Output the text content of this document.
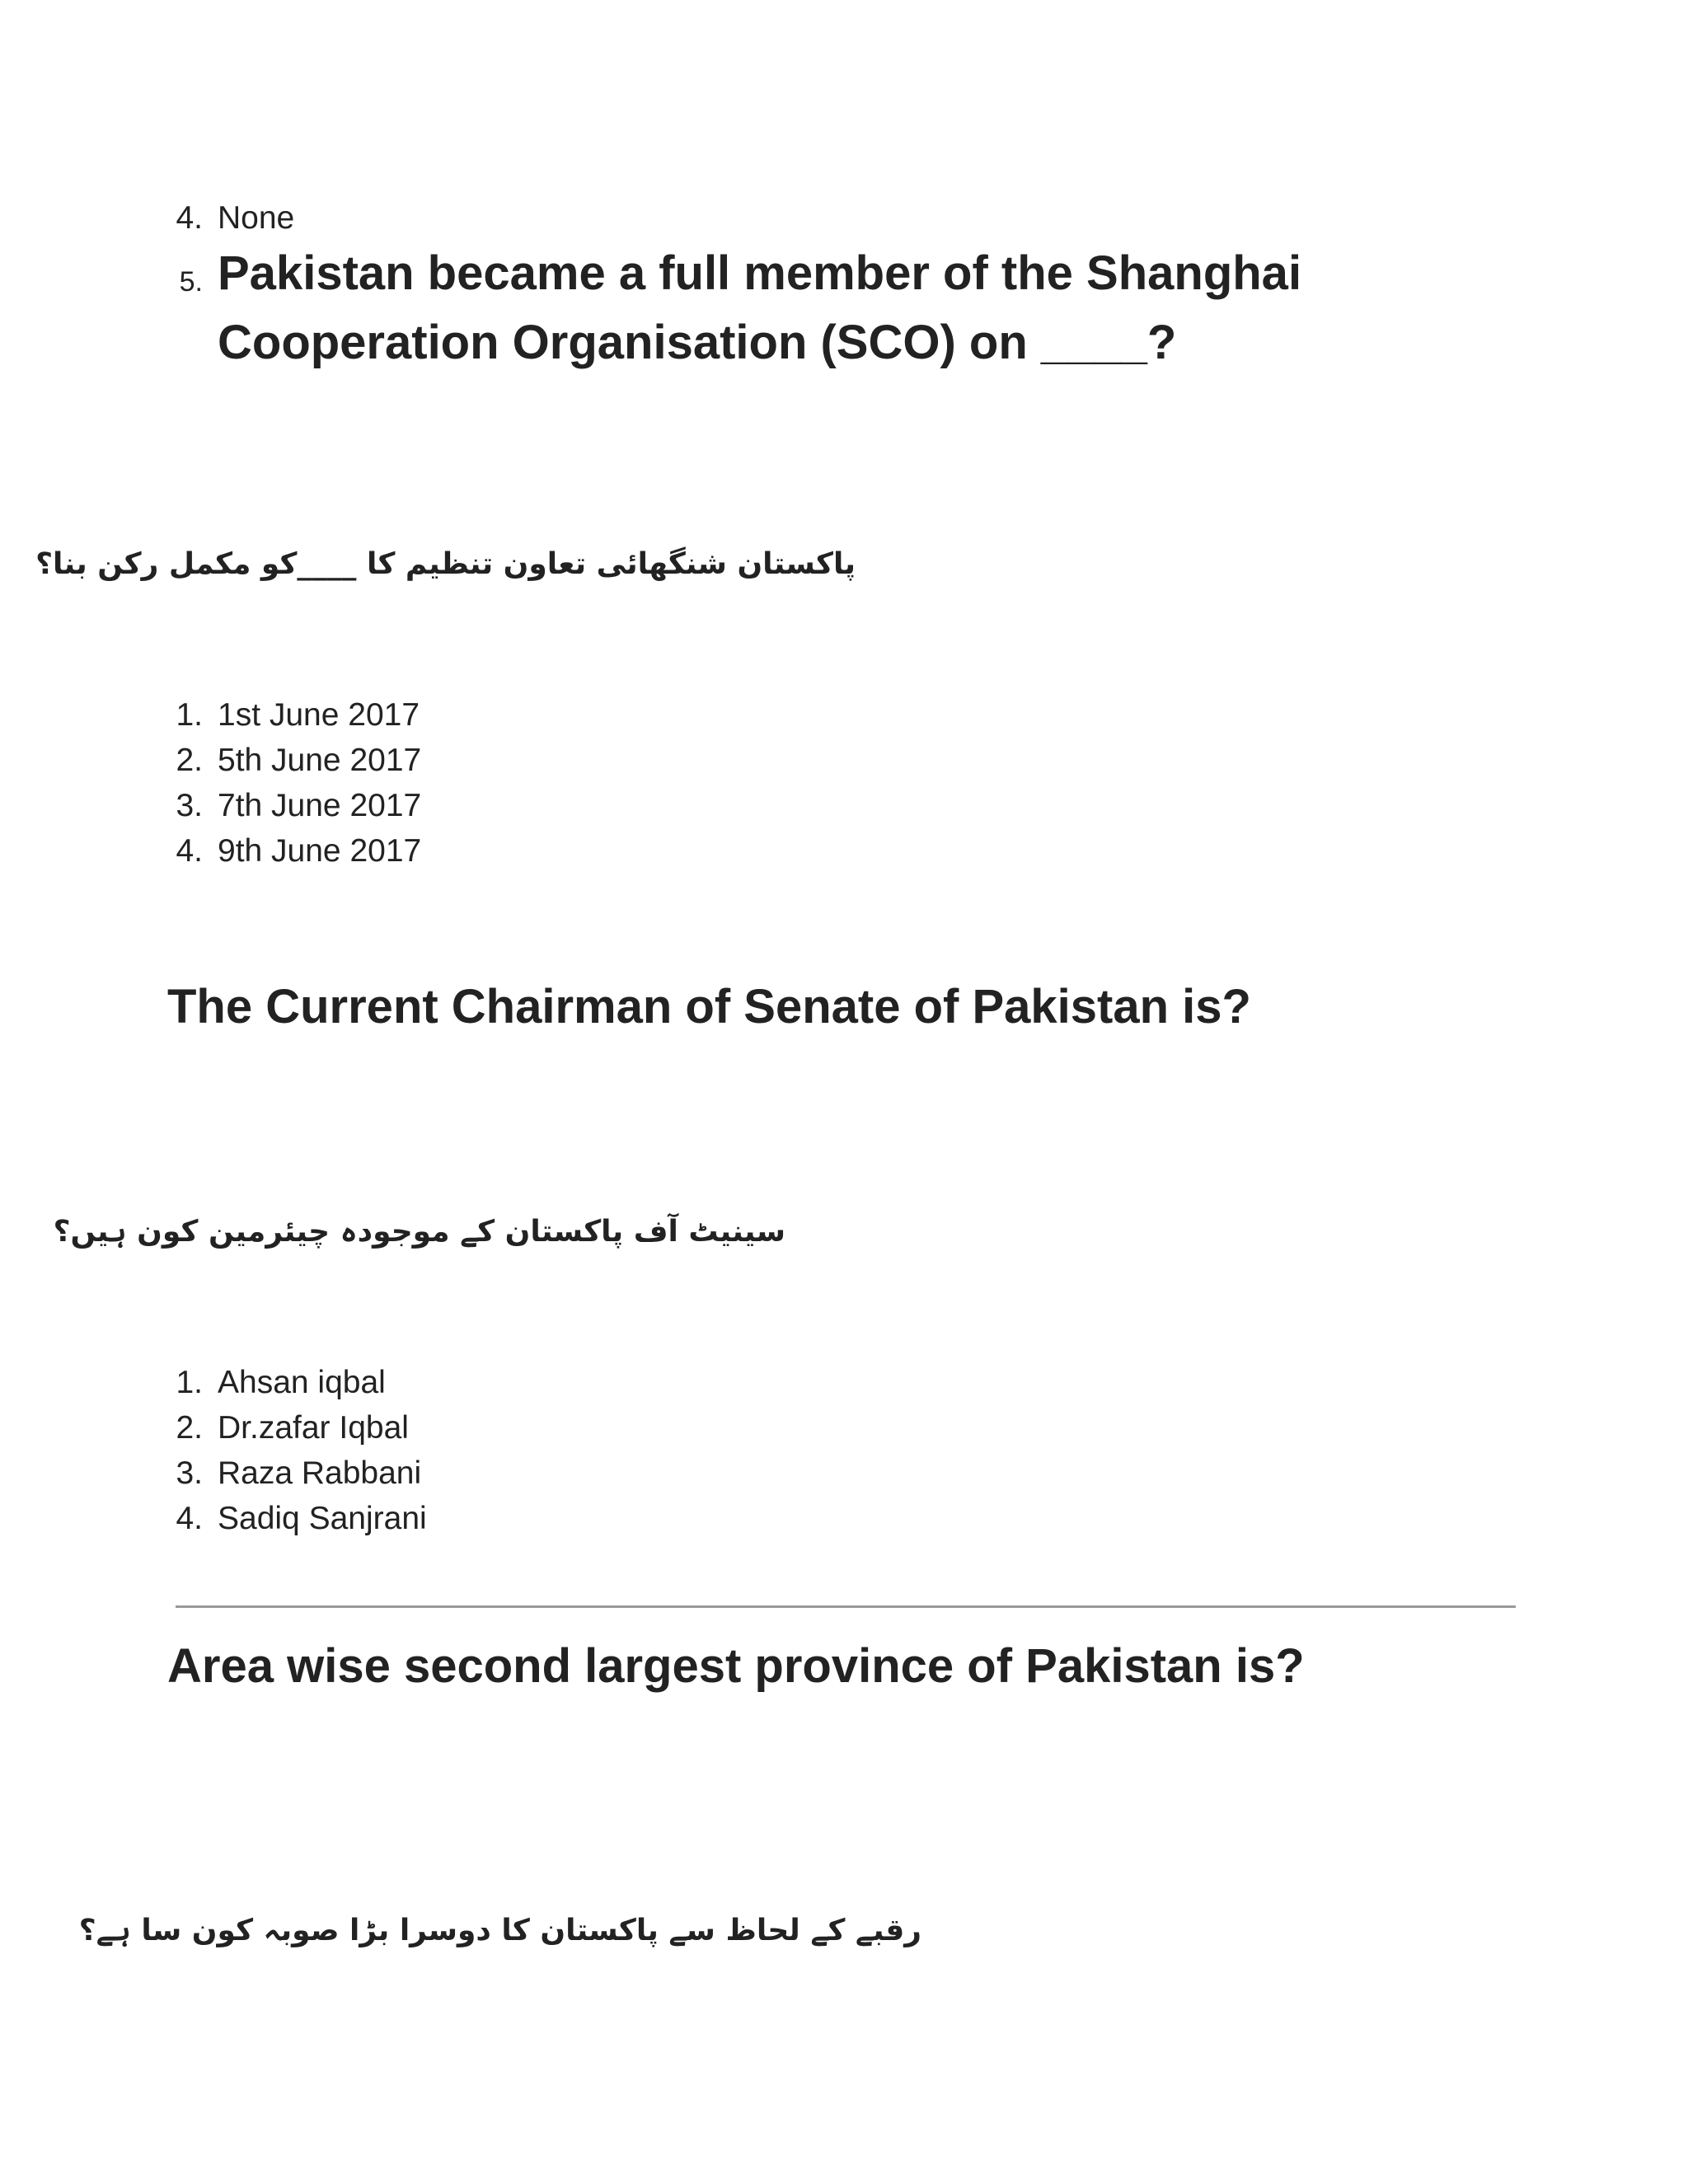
4. None
5. Pakistan became a full member of the Shanghai
Cooperation Organisation (SCO) on ____?
پاکستان شنگھائی تعاون تنظیم کا ____کو مکمل رکن بنا؟
1. 1st June 2017
2. 5th June 2017
3. 7th June 2017
4. 9th June 2017
The Current Chairman of Senate of Pakistan is?
سینیٹ آف پاکستان کے موجودہ چیئرمین کون ہیں؟
1. Ahsan iqbal
2. Dr.zafar Iqbal
3. Raza Rabbani
4. Sadiq Sanjrani
Area wise second largest province of Pakistan is?
رقبے کے لحاظ سے پاکستان کا دوسرا بڑا صوبہ کون سا ہے؟
